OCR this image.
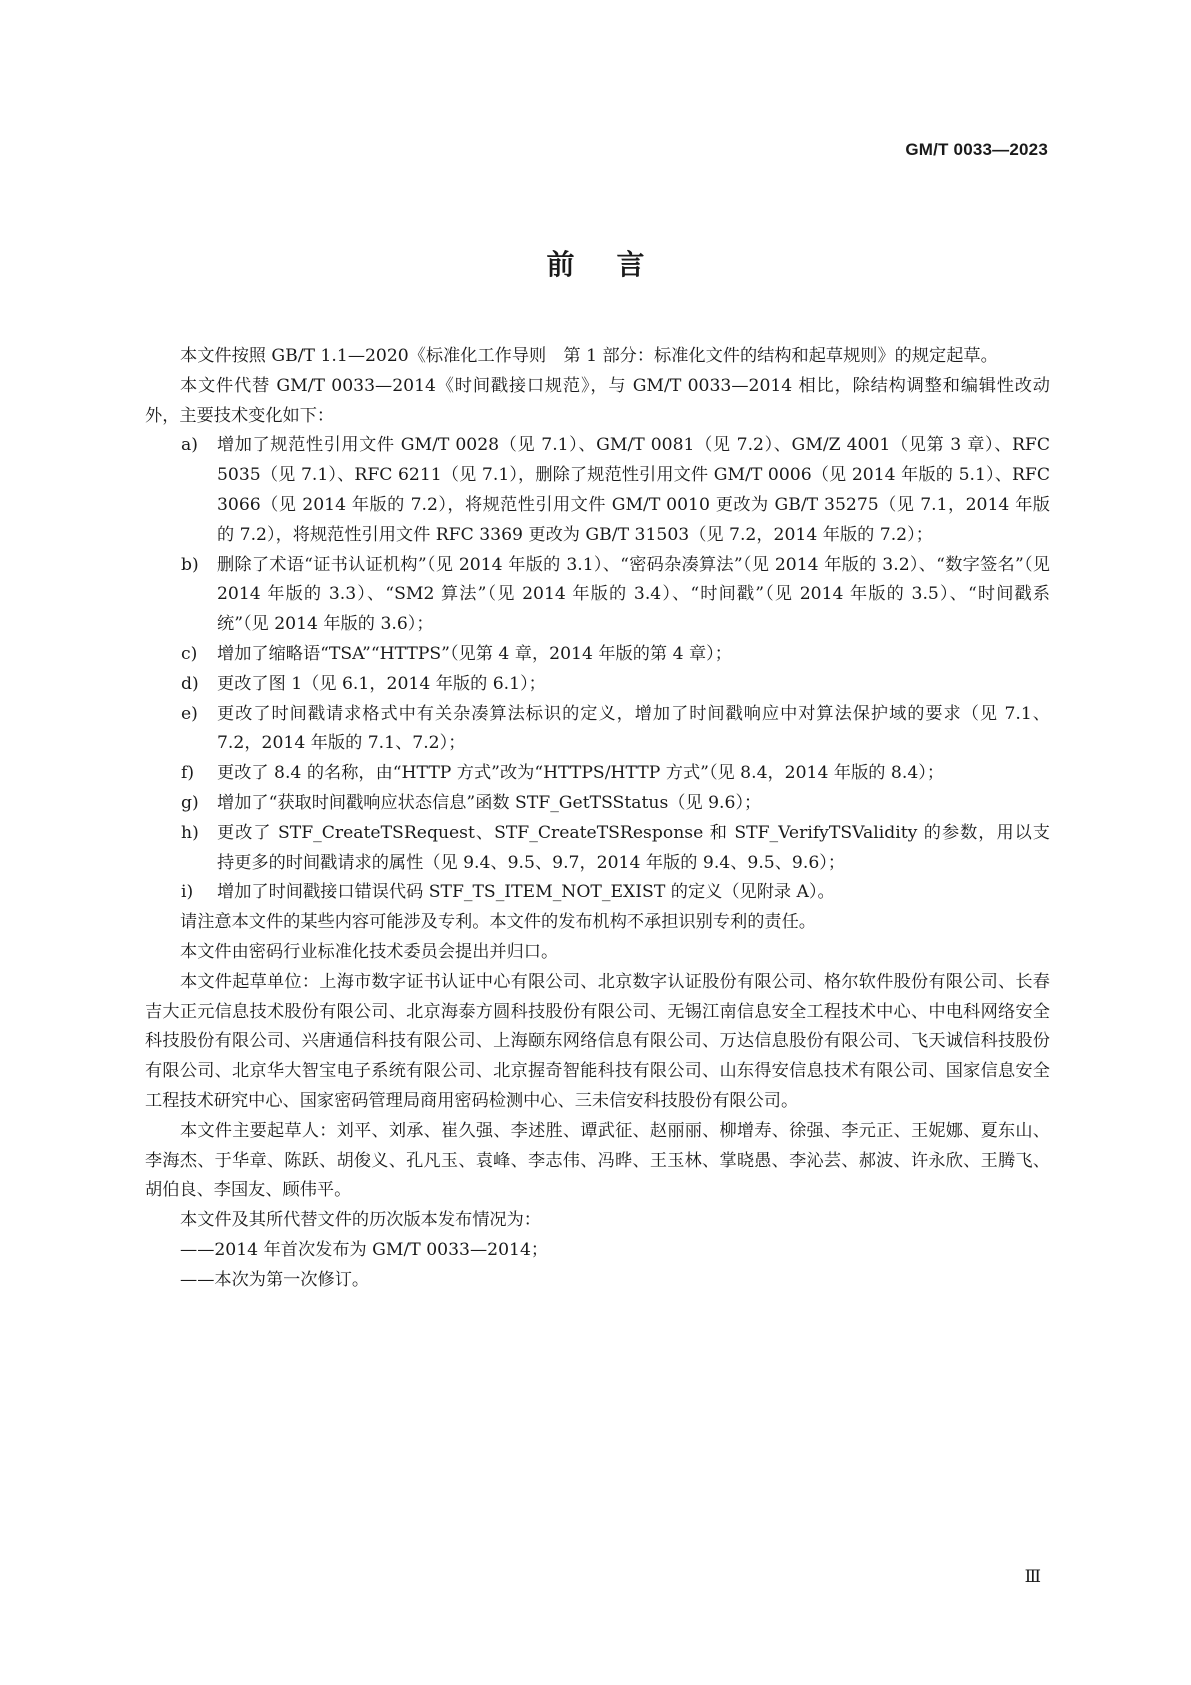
GM/T 0033—2023
前言

本文件按照 GB/T 1.1—2020《标准化工作导则　第 1 部分：标准化文件的结构和起草规则》的规定起草。

本文件代替 GM/T 0033—2014《时间戳接口规范》，与 GM/T 0033—2014 相比，除结构调整和编辑性改动外，主要技术变化如下：

a) 增加了规范性引用文件 GM/T 0028（见 7.1）、GM/T 0081（见 7.2）、GM/Z 4001（见第 3 章）、RFC 5035（见 7.1）、RFC 6211（见 7.1），删除了规范性引用文件 GM/T 0006（见 2014 年版的 5.1）、RFC 3066（见 2014 年版的 7.2），将规范性引用文件 GM/T 0010 更改为 GB/T 35275（见 7.1，2014 年版的 7.2），将规范性引用文件 RFC 3369 更改为 GB/T 31503（见 7.2，2014 年版的 7.2）；
b) 删除了术语“证书认证机构”（见 2014 年版的 3.1）、“密码杂凑算法”（见 2014 年版的 3.2）、“数字签名”（见 2014 年版的 3.3）、“SM2 算法”（见 2014 年版的 3.4）、“时间戳”（见 2014 年版的 3.5）、“时间戳系统”（见 2014 年版的 3.6）；
c) 增加了缩略语“TSA”“HTTPS”（见第 4 章，2014 年版的第 4 章）；
d) 更改了图 1（见 6.1，2014 年版的 6.1）；
e) 更改了时间戳请求格式中有关杂凑算法标识的定义，增加了时间戳响应中对算法保护域的要求（见 7.1、7.2，2014 年版的 7.1、7.2）；
f) 更改了 8.4 的名称，由“HTTP 方式”改为“HTTPS/HTTP 方式”（见 8.4，2014 年版的 8.4）；
g) 增加了“获取时间戳响应状态信息”函数 STF_GetTSStatus（见 9.6）；
h) 更改了 STF_CreateTSRequest、STF_CreateTSResponse 和 STF_VerifyTSValidity 的参数，用以支持更多的时间戳请求的属性（见 9.4、9.5、9.7，2014 年版的 9.4、9.5、9.6）；
i) 增加了时间戳接口错误代码 STF_TS_ITEM_NOT_EXIST 的定义（见附录 A）。

请注意本文件的某些内容可能涉及专利。本文件的发布机构不承担识别专利的责任。

本文件由密码行业标准化技术委员会提出并归口。

本文件起草单位：上海市数字证书认证中心有限公司、北京数字认证股份有限公司、格尔软件股份有限公司、长春吉大正元信息技术股份有限公司、北京海泰方圆科技股份有限公司、无锡江南信息安全工程技术中心、中电科网络安全科技股份有限公司、兴唐通信科技有限公司、上海颐东网络信息有限公司、万达信息股份有限公司、飞天诚信科技股份有限公司、北京华大智宝电子系统有限公司、北京握奇智能科技有限公司、山东得安信息技术有限公司、国家信息安全工程技术研究中心、国家密码管理局商用密码检测中心、三未信安科技股份有限公司。

本文件主要起草人：刘平、刘承、崔久强、李述胜、谭武征、赵丽丽、柳增寿、徐强、李元正、王妮娜、夏东山、李海杰、于华章、陈跃、胡俊义、孔凡玉、袁峰、李志伟、冯晔、王玉林、掌晓愚、李沁芸、郝波、许永欣、王腾飞、胡伯良、李国友、顾伟平。

本文件及其所代替文件的历次版本发布情况为：

——2014 年首次发布为 GM/T 0033—2014；
——本次为第一次修订。
Ⅲ
